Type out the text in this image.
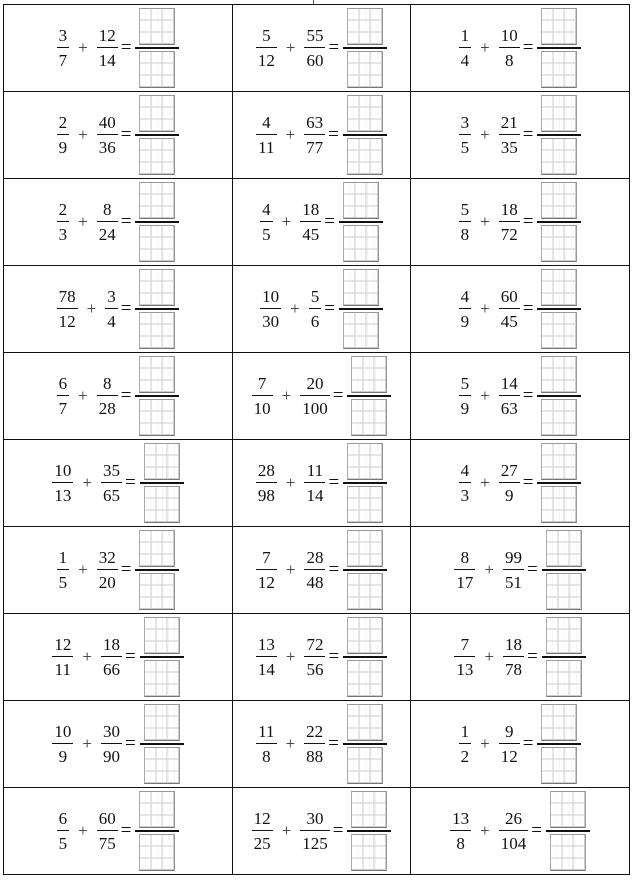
$\frac{3}{7} + \frac{12}{14}$ =	$\frac{5}{12} + \frac{55}{60}$ =	$\frac{1}{4} + \frac{10}{8}$ =

$\frac{2}{9} + \frac{40}{36}$ =	$\frac{4}{11} + \frac{63}{77}$ =	$\frac{3}{5} + \frac{21}{35}$ =

$\frac{2}{3} + \frac{8}{24}$ =	$\frac{4}{5} + \frac{18}{45}$ =	$\frac{5}{8} + \frac{18}{72}$ =

$\frac{78}{12} + \frac{3}{4}$ =	$\frac{10}{30} + \frac{5}{6}$ =	$\frac{4}{9} + \frac{60}{45}$ =

$\frac{6}{7} + \frac{8}{28}$ =	$\frac{7}{10} + \frac{20}{100}$ =	$\frac{5}{9} + \frac{14}{63}$ =

$\frac{10}{13} + \frac{35}{65}$ =	$\frac{28}{98} + \frac{11}{14}$ =	$\frac{4}{3} + \frac{27}{9}$ =

$\frac{1}{5} + \frac{32}{20}$ =	$\frac{7}{12} + \frac{28}{48}$ =	$\frac{8}{17} + \frac{99}{51}$ =

$\frac{12}{11} + \frac{18}{66}$ =	$\frac{13}{14} + \frac{72}{56}$ =	$\frac{7}{13} + \frac{18}{78}$ =

$\frac{10}{9} + \frac{30}{90}$ =	$\frac{11}{8} + \frac{22}{88}$ =	$\frac{1}{2} + \frac{9}{12}$ =

$\frac{6}{5} + \frac{60}{75}$ =	$\frac{12}{25} + \frac{30}{125}$ =	$\frac{13}{8} + \frac{26}{104}$ =
